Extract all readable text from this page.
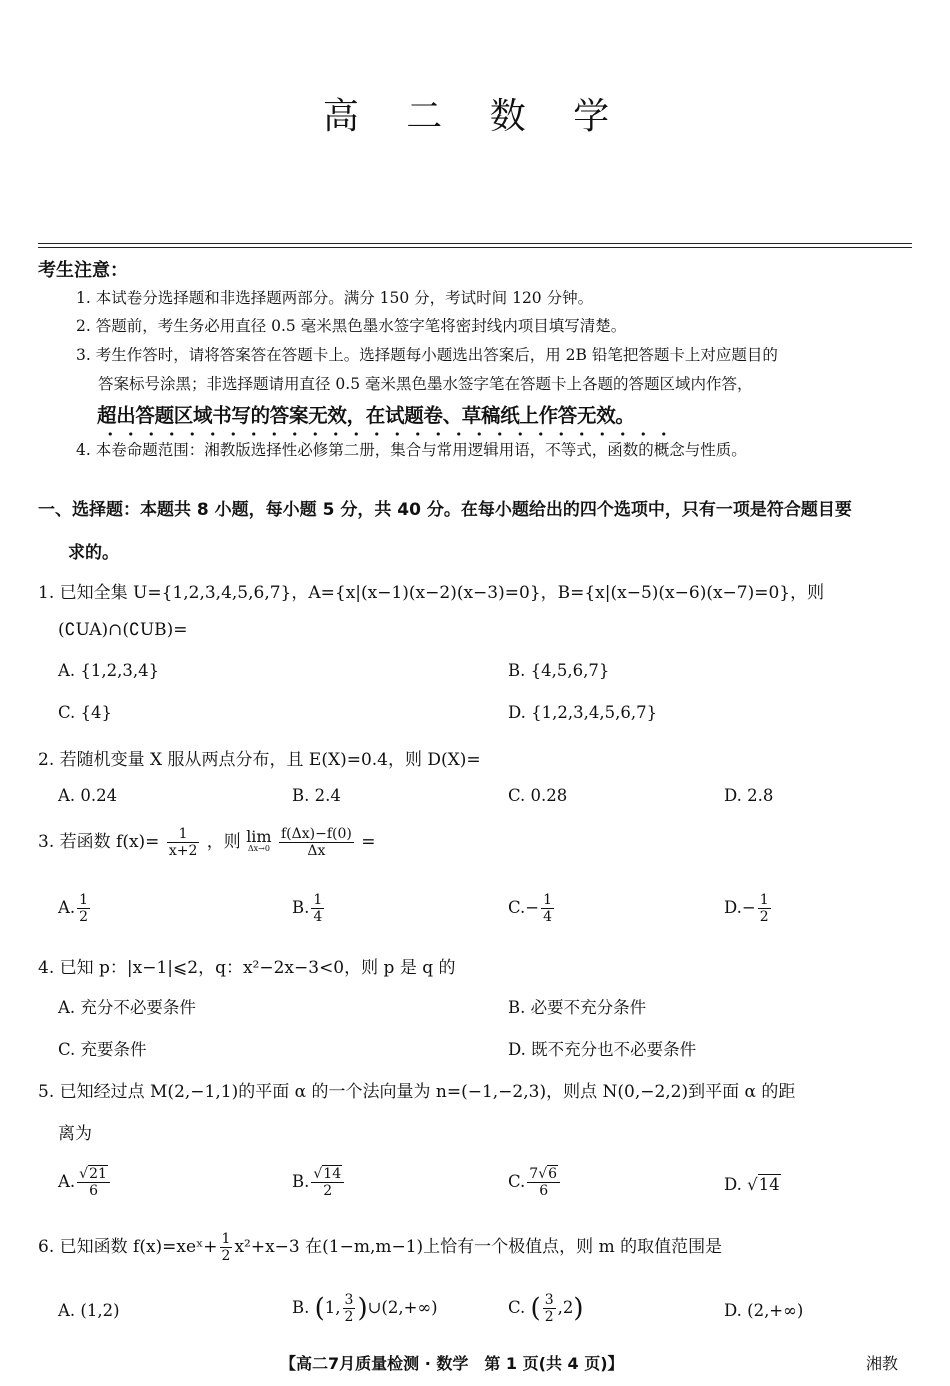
高 二 数 学
考生注意：
1. 本试卷分选择题和非选择题两部分。满分 150 分，考试时间 120 分钟。
2. 答题前，考生务必用直径 0.5 毫米黑色墨水签字笔将密封线内项目填写清楚。
3. 考生作答时，请将答案答在答题卡上。选择题每小题选出答案后，用 2B 铅笔把答题卡上对应题目的
答案标号涂黑；非选择题请用直径 0.5 毫米黑色墨水签字笔在答题卡上各题的答题区域内作答，
超出答题区域书写的答案无效，在试题卷、草稿纸上作答无效。
4. 本卷命题范围：湘教版选择性必修第二册，集合与常用逻辑用语，不等式，函数的概念与性质。
一、选择题：本题共 8 小题，每小题 5 分，共 40 分。在每小题给出的四个选项中，只有一项是符合题目要
求的。
1. 已知全集 U={1,2,3,4,5,6,7}，A={x|(x−1)(x−2)(x−3)=0}，B={x|(x−5)(x−6)(x−7)=0}，则
(∁UA)∩(∁UB)=
A. {1,2,3,4}	B. {4,5,6,7}
C. {4}	D. {1,2,3,4,5,6,7}
2. 若随机变量 X 服从两点分布，且 E(X)=0.4，则 D(X)=
A. 0.24	B. 2.4	C. 0.28	D. 2.8
3. 若函数 $f(x)= \frac{1}{x+2}$ ，则 lim
Δx→0
$\frac{f(\Delta x)-f(0)}{\Delta x}$ =
A. $\frac{1}{2}$	B. $\frac{1}{4}$	$C.- \frac{1}{4}$	$D.- \frac{1}{2}$
4. 已知 p：|x−1|⩽2，q：x²−2x−3<0，则 p 是 q 的
A. 充分不必要条件	B. 必要不充分条件
C. 充要条件	D. 既不充分也不必要条件
5. 已知经过点 M(2,−1,1)的平面 α 的一个法向量为 n=(−1,−2,3)，则点 N(0,−2,2)到平面 α 的距
离为
A. $\frac{√21}{6}$	B. $\frac{√14}{2}$	C. $\frac{7√6}{6}$	D. √14
6. 已知函数 f(x)=xeˣ+ $\frac{1}{2} x^2+x-3$ 在(1−m,m−1)上恰有一个极值点，则 m 的取值范围是
A. (1,2)	B. (1, $\frac{3}{2}$ )∪(2,+∞)	C. ( $\frac{3}{2} ,2$)	D. (2,+∞)
【高二7月质量检测 · 数学　第 1 页(共 4 页)】	湘教
